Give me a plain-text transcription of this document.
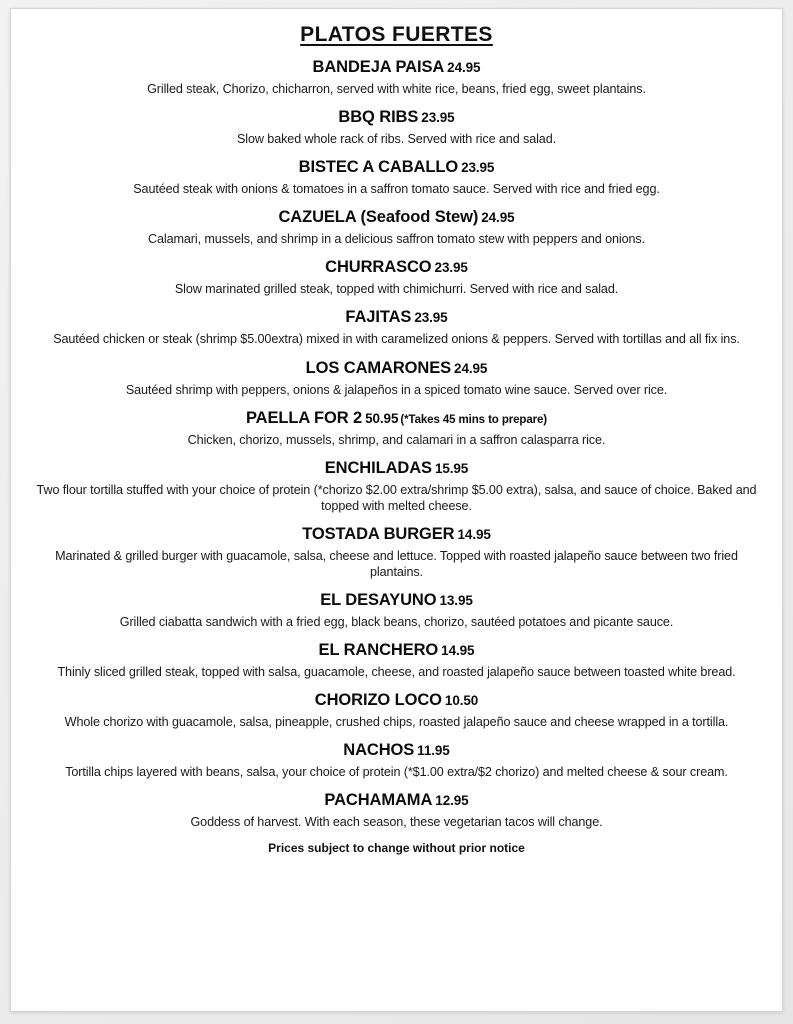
PLATOS FUERTES
BANDEJA PAISA 24.95
Grilled steak, Chorizo, chicharron, served with white rice, beans, fried egg, sweet plantains.
BBQ RIBS 23.95
Slow baked whole rack of ribs. Served with rice and salad.
BISTEC A CABALLO 23.95
Sautéed steak with onions & tomatoes in a saffron tomato sauce. Served with rice and fried egg.
CAZUELA (Seafood Stew) 24.95
Calamari, mussels, and shrimp in a delicious saffron tomato stew with peppers and onions.
CHURRASCO 23.95
Slow marinated grilled steak, topped with chimichurri. Served with rice and salad.
FAJITAS 23.95
Sautéed chicken or steak (shrimp $5.00extra) mixed in with caramelized onions & peppers. Served with tortillas and all fix ins.
LOS CAMARONES 24.95
Sautéed shrimp with peppers, onions & jalapeños in a spiced tomato wine sauce. Served over rice.
PAELLA FOR 2 50.95 (*Takes 45 mins to prepare)
Chicken, chorizo, mussels, shrimp, and calamari in a saffron calasparra rice.
ENCHILADAS 15.95
Two flour tortilla stuffed with your choice of protein (*chorizo $2.00 extra/shrimp $5.00 extra), salsa, and sauce of choice. Baked and topped with melted cheese.
TOSTADA BURGER 14.95
Marinated & grilled burger with guacamole, salsa, cheese and lettuce. Topped with roasted jalapeño sauce between two fried plantains.
EL DESAYUNO 13.95
Grilled ciabatta sandwich with a fried egg, black beans, chorizo, sautéed potatoes and picante sauce.
EL RANCHERO 14.95
Thinly sliced grilled steak, topped with salsa, guacamole, cheese, and roasted jalapeño sauce between toasted white bread.
CHORIZO LOCO 10.50
Whole chorizo with guacamole, salsa, pineapple, crushed chips, roasted jalapeño sauce and cheese wrapped in a tortilla.
NACHOS 11.95
Tortilla chips layered with beans, salsa, your choice of protein (*$1.00 extra/$2 chorizo) and melted cheese & sour cream.
PACHAMAMA 12.95
Goddess of harvest. With each season, these vegetarian tacos will change.
Prices subject to change without prior notice
